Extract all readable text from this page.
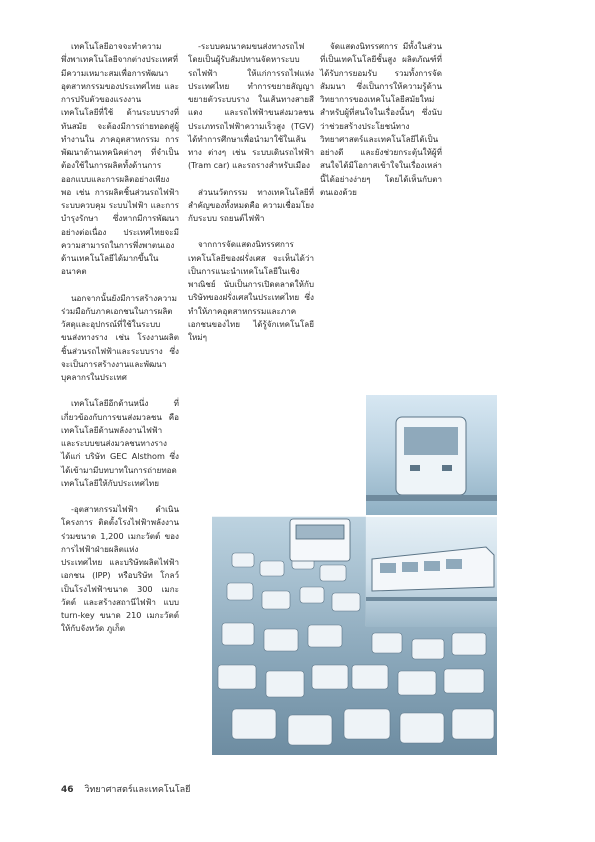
เทคโนโลยีอาจจะทำความพึ่งพาเทคโนโลยีจากต่างประเทศที่มีความเหมาะสมเพื่อการพัฒนาอุตสาหกรรมของประเทศไทย และการปรับตัวของแรงงาน เทคโนโลยีที่ใช้ ด้านระบบรางที่ทันสมัย จะต้องมีการถ่ายทอดสู่ผู้ทำงานใน ภาคอุตสาหกรรม การพัฒนาด้านเทคนิคต่างๆ ที่จำเป็นต้องใช้ในการผลิตทั้งด้านการออกแบบและการผลิตอย่างเพียงพอ เช่น การผลิตชิ้นส่วนรถไฟฟ้า ระบบควบคุม ระบบไฟฟ้า และการบำรุงรักษา ซึ่งหากมีการพัฒนาอย่างต่อเนื่อง ประเทศไทยจะมีความสามารถในการพึ่งพาตนเองด้านเทคโนโลยีได้มากขึ้นในอนาคต

นอกจากนั้นยังมีการสร้างความร่วมมือกับภาคเอกชนในการผลิตวัสดุและอุปกรณ์ที่ใช้ในระบบขนส่งทางราง เช่น โรงงานผลิต ชิ้นส่วนรถไฟฟ้าและระบบราง ซึ่งจะเป็นการสร้างงานและพัฒนาบุคลากรในประเทศ

เทคโนโลยีอีกด้านหนึ่ง ที่เกี่ยวข้องกับการขนส่งมวลชน คือ เทคโนโลยีด้านพลังงานไฟฟ้า และระบบขนส่งมวลชนทางราง ได้แก่ บริษัท GEC Alsthom ซึ่งได้เข้ามามีบทบาทในการถ่ายทอดเทคโนโลยีให้กับประเทศไทย

-อุตสาหกรรมไฟฟ้า ดำเนินโครงการ ติดตั้งโรงไฟฟ้าพลังงาน ร่วมขนาด 1,200 เมกะวัตต์ ของการไฟฟ้าฝ่ายผลิตแห่งประเทศไทย และบริษัทผลิตไฟฟ้าเอกชน (IPP) หรือบริษัท โกลว์ เป็นโรงไฟฟ้าขนาด 300 เมกะวัตต์ และสร้างสถานีไฟฟ้า แบบ turn-key ขนาด 210 เมกะวัตต์ ให้กับจังหวัด ภูเก็ต

-ระบบคมนาคมขนส่งทางรถไฟ โดยเป็นผู้รับสัมปทานจัดหาระบบรถไฟฟ้า ให้แก่การรถไฟแห่งประเทศไทย ทำการขยายสัญญาขยายตัวระบบราง ในเส้นทางสายสีแดง และรถไฟฟ้าขนส่งมวลชน ประเภทรถไฟฟ้าความเร็วสูง (TGV) ได้ทำการศึกษาเพื่อนำมาใช้ในเส้นทาง ต่างๆ เช่น ระบบเดินรถไฟฟ้า (Tram car) และรถรางสำหรับเมือง

ส่วนนวัตกรรม ทางเทคโนโลยีที่สำคัญของทั้งหมดคือ ความเชื่อมโยงกับระบบ รถยนต์ไฟฟ้า

จากการจัดแสดงนิทรรศการเทคโนโลยีของฝรั่งเศส จะเห็นได้ว่าเป็นการแนะนำเทคโนโลยีในเชิงพาณิชย์ นับเป็นการเปิดตลาดให้กับบริษัทของฝรั่งเศสในประเทศไทย ซึ่งทำให้ภาคอุตสาหกรรมและภาคเอกชนของไทย ได้รู้จักเทคโนโลยีใหม่ๆ

จัดแสดงนิทรรศการ มีทั้งในส่วนที่เป็นเทคโนโลยีชั้นสูง ผลิตภัณฑ์ที่ได้รับการยอมรับ รวมทั้งการจัดสัมมนา ซึ่งเป็นการให้ความรู้ด้านวิทยาการของเทคโนโลยีสมัยใหม่ สำหรับผู้ที่สนใจในเรื่องนั้นๆ ซึ่งนับว่าช่วยสร้างประโยชน์ทางวิทยาศาสตร์และเทคโนโลยีได้เป็นอย่างดี และยังช่วยกระตุ้นให้ผู้ที่สนใจได้มีโอกาสเข้าใจในเรื่องเหล่านี้ได้อย่างง่ายๆ โดยได้เห็นกับตาตนเองด้วย

46 วิทยาศาสตร์และเทคโนโลยี
